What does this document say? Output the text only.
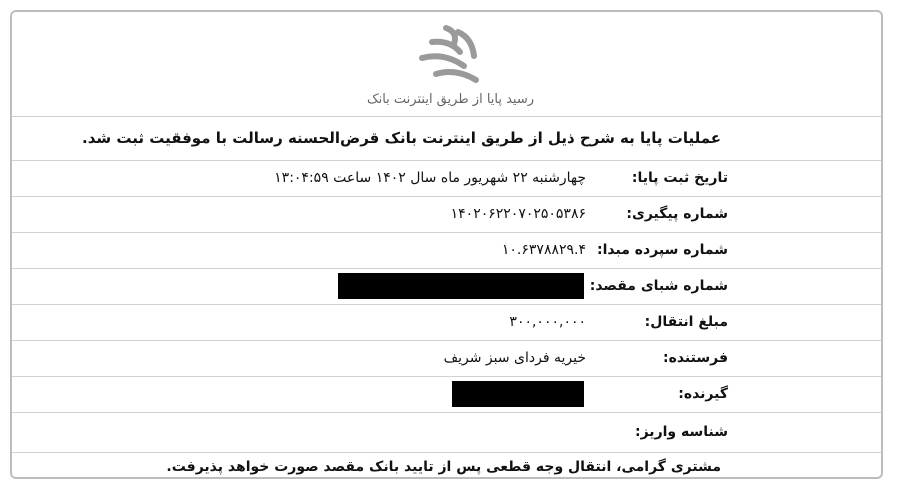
رسید پایا از طریق اینترنت بانک
عملیات پایا به شرح ذیل از طریق اینترنت بانک قرض‌الحسنه رسالت با موفقیت ثبت شد.
تاریخ ثبت پایا:
چهارشنبه ۲۲ شهریور ماه سال ۱۴۰۲ ساعت ۱۳:۰۴:۵۹
شماره پیگیری:
۱۴۰۲۰۶۲۲۰۷۰۲۵۰۵۳۸۶
شماره سپرده مبدا:
۱۰.۶۳۷۸۸۲۹.۴
شماره شبای مقصد:
مبلغ انتقال:
۳۰۰,۰۰۰,۰۰۰
فرستنده:
خیریه فردای سبز شریف
گیرنده:
شناسه واریز:
مشتری گرامی، انتقال وجه قطعی پس از تایید بانک مقصد صورت خواهد پذیرفت.
